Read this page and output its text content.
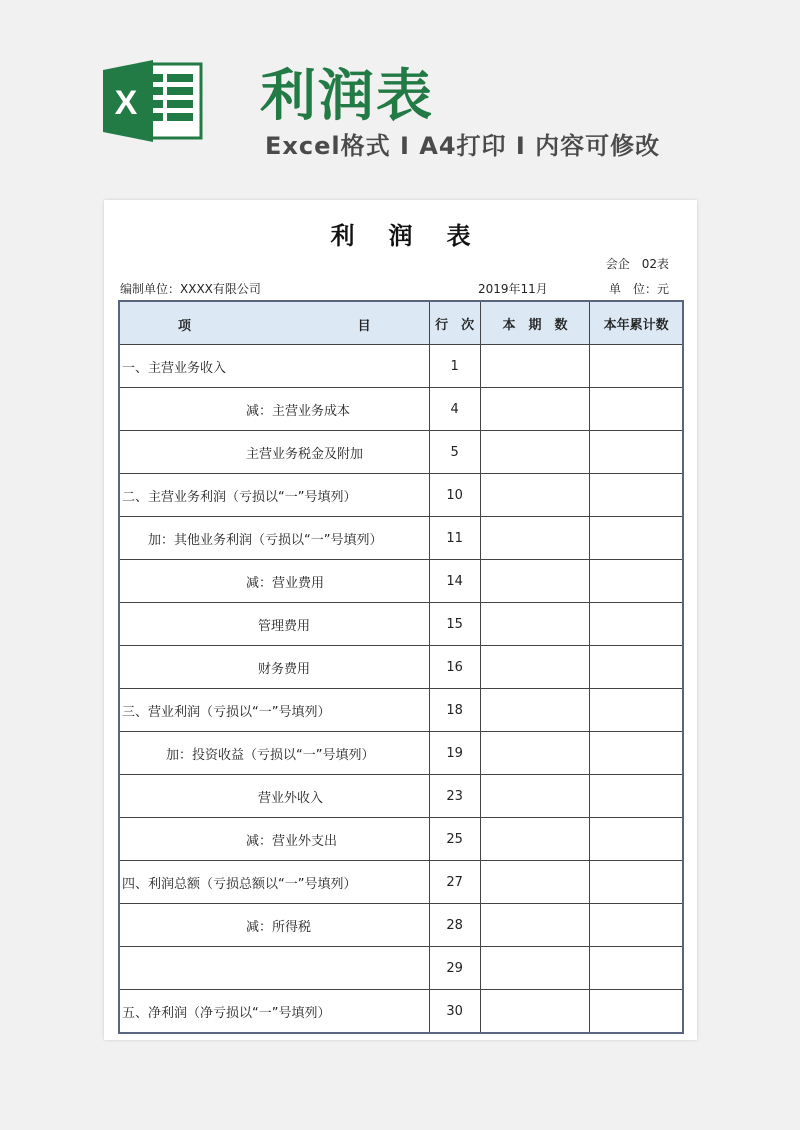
X 利润表
Excel格式 I A4打印 I 内容可修改
利润表
会企　02表
编制单位：XXXX有限公司	2019年11月	单　位：元
项 目	行　次	本　期　数	本年累计数
一、主营业务收入	1		
减：主营业务成本	4		
主营业务税金及附加	5		
二、主营业务利润（亏损以“一”号填列）	10		
加：其他业务利润（亏损以“一”号填列）	11		
减：营业费用	14		
管理费用	15		
财务费用	16		
三、营业利润（亏损以“一”号填列）	18		
加：投资收益（亏损以“一”号填列）	19		
营业外收入	23		
减：营业外支出	25		
四、利润总额（亏损总额以“一”号填列）	27		
减：所得税	28		
	29		
五、净利润（净亏损以“一”号填列）	30		
